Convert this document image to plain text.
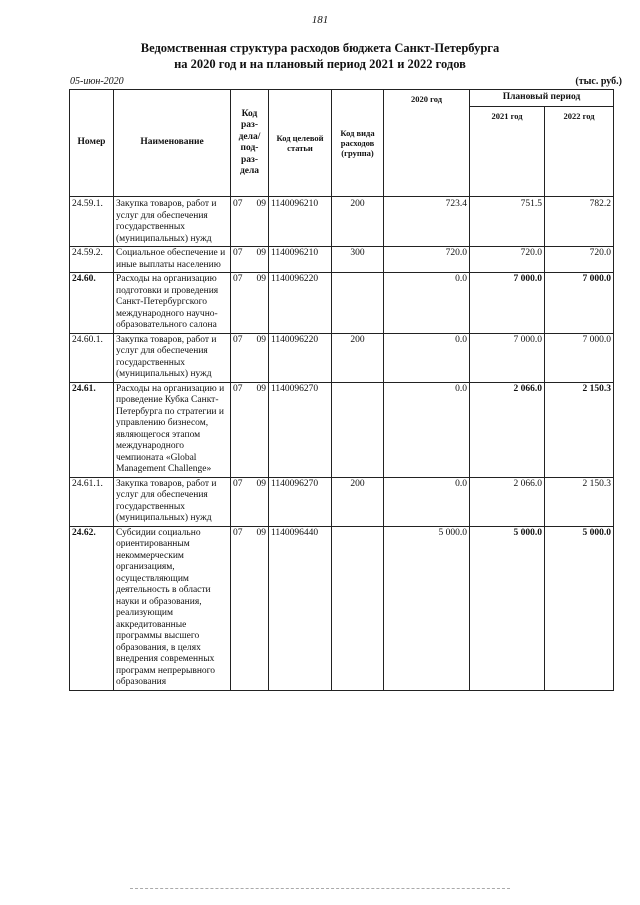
181
Ведомственная структура расходов бюджета Санкт-Петербурга
на 2020 год и на плановый период 2021 и 2022 годов
05-июн-2020	(тыс. руб.)
Номер	Наименование	Код раз-дела/ под-раз-дела	Код целевой статьи	Код вида расходов (группа)	2020 год	Плановый период	
						2021 год	2022 год
24.59.1.	Закупка товаров, работ и услуг для обеспечения государственных (муниципальных) нужд	07 09	1140096210	200	723.4	751.5	782.2
24.59.2.	Социальное обеспечение и иные выплаты населению	07 09	1140096210	300	720.0	720.0	720.0
24.60.	Расходы на организацию подготовки и проведения Санкт-Петербургского международного научно-образовательного салона	07 09	1140096220		0.0	7 000.0	7 000.0
24.60.1.	Закупка товаров, работ и услуг для обеспечения государственных (муниципальных) нужд	07 09	1140096220	200	0.0	7 000.0	7 000.0
24.61.	Расходы на организацию и проведение Кубка Санкт-Петербурга по стратегии и управлению бизнесом, являющегося этапом международного чемпионата «Global Management Challenge»	07 09	1140096270		0.0	2 066.0	2 150.3
24.61.1.	Закупка товаров, работ и услуг для обеспечения государственных (муниципальных) нужд	07 09	1140096270	200	0.0	2 066.0	2 150.3
24.62.	Субсидии социально ориентированным некоммерческим организациям, осуществляющим деятельность в области науки и образования, реализующим аккредитованные программы высшего образования, в целях внедрения современных программ непрерывного образования	07 09	1140096440		5 000.0	5 000.0	5 000.0
